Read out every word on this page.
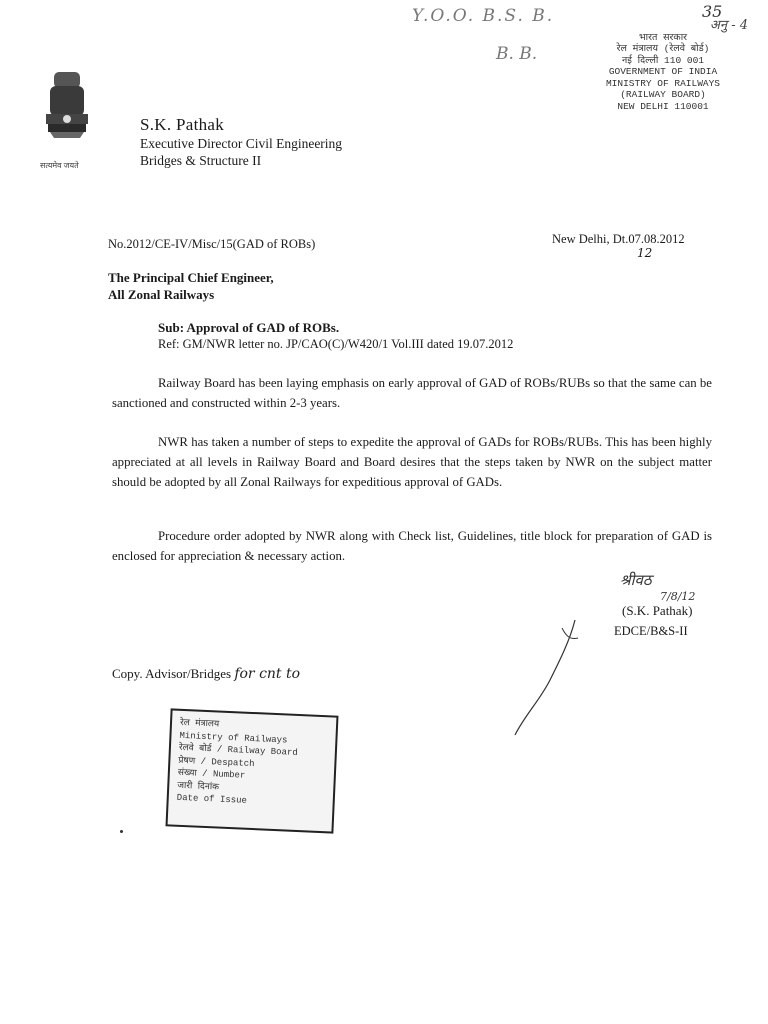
सत्यमेव जयते
S.K. Pathak
Executive Director Civil Engineering
Bridges & Structure II
Y.O.O. B.S. B.
B. B.
35
अनु - 4
भारत सरकार
रेल मंत्रालय (रेलवे बोर्ड)
नई दिल्ली 110 001
GOVERNMENT OF INDIA
MINISTRY OF RAILWAYS
(RAILWAY BOARD)
NEW DELHI 110001
No.2012/CE-IV/Misc/15(GAD of ROBs)	New Delhi, Dt.07.08.2012
12
The Principal Chief Engineer,
All Zonal Railways
Sub: Approval of GAD of ROBs.
Ref: GM/NWR letter no. JP/CAO(C)/W420/1 Vol.III dated 19.07.2012
Railway Board has been laying emphasis on early approval of GAD of ROBs/RUBs so that the same can be sanctioned and constructed within 2-3 years.
NWR has taken a number of steps to expedite the approval of GADs for ROBs/RUBs. This has been highly appreciated at all levels in Railway Board and Board desires that the steps taken by NWR on the subject matter should be adopted by all Zonal Railways for expeditious approval of GADs.
Procedure order adopted by NWR along with Check list, Guidelines, title block for preparation of GAD is enclosed for appreciation & necessary action.
श्रीवठ
7/8/12
(S.K. Pathak)
EDCE/B&S-II
Copy. Advisor/Bridges for cnt to
रेल मंत्रालय
Ministry of Railways
रेलवे बोर्ड / Railway Board
प्रेषण / Despatch
संख्या / Number
जारी दिनांक
Date of Issue
